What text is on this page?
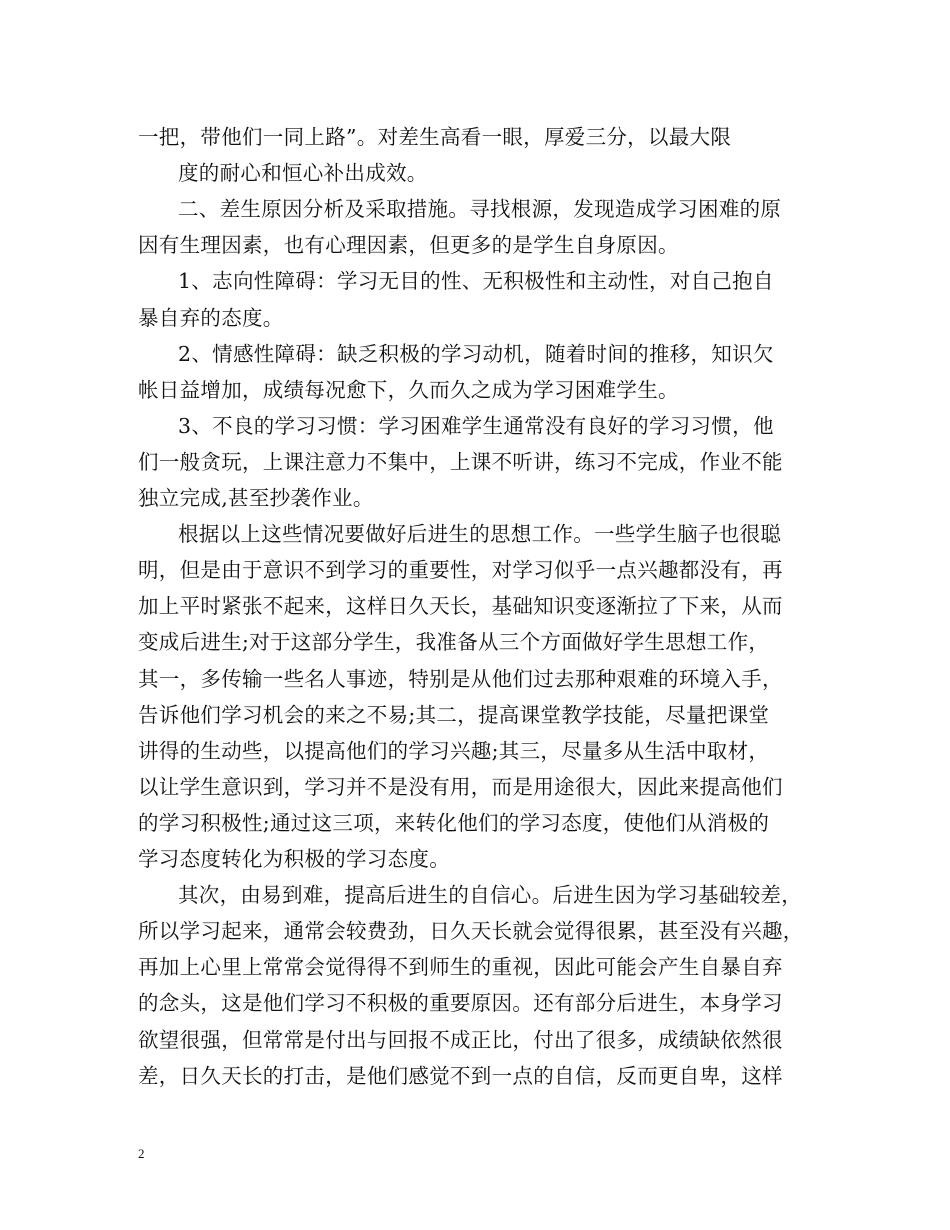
一把，带他们一同上路”。对差生高看一眼，厚爱三分，以最大限
度的耐心和恒心补出成效。
二、差生原因分析及采取措施。寻找根源，发现造成学习困难的原
因有生理因素，也有心理因素，但更多的是学生自身原因。
1、志向性障碍：学习无目的性、无积极性和主动性，对自己抱自
暴自弃的态度。
2、情感性障碍：缺乏积极的学习动机，随着时间的推移，知识欠
帐日益增加，成绩每况愈下，久而久之成为学习困难学生。
3、不良的学习习惯：学习困难学生通常没有良好的学习习惯，他
们一般贪玩，上课注意力不集中，上课不听讲，练习不完成，作业不能
独立完成,甚至抄袭作业。
根据以上这些情况要做好后进生的思想工作。一些学生脑子也很聪
明，但是由于意识不到学习的重要性，对学习似乎一点兴趣都没有，再
加上平时紧张不起来，这样日久天长，基础知识变逐渐拉了下来，从而
变成后进生;对于这部分学生，我准备从三个方面做好学生思想工作，
其一，多传输一些名人事迹，特别是从他们过去那种艰难的环境入手，
告诉他们学习机会的来之不易;其二，提高课堂教学技能，尽量把课堂
讲得的生动些，以提高他们的学习兴趣;其三，尽量多从生活中取材，
以让学生意识到，学习并不是没有用，而是用途很大，因此来提高他们
的学习积极性;通过这三项，来转化他们的学习态度，使他们从消极的
学习态度转化为积极的学习态度。
其次，由易到难，提高后进生的自信心。后进生因为学习基础较差，
所以学习起来，通常会较费劲，日久天长就会觉得很累，甚至没有兴趣，
再加上心里上常常会觉得得不到师生的重视，因此可能会产生自暴自弃
的念头，这是他们学习不积极的重要原因。还有部分后进生，本身学习
欲望很强，但常常是付出与回报不成正比，付出了很多，成绩缺依然很
差，日久天长的打击，是他们感觉不到一点的自信，反而更自卑，这样
2
